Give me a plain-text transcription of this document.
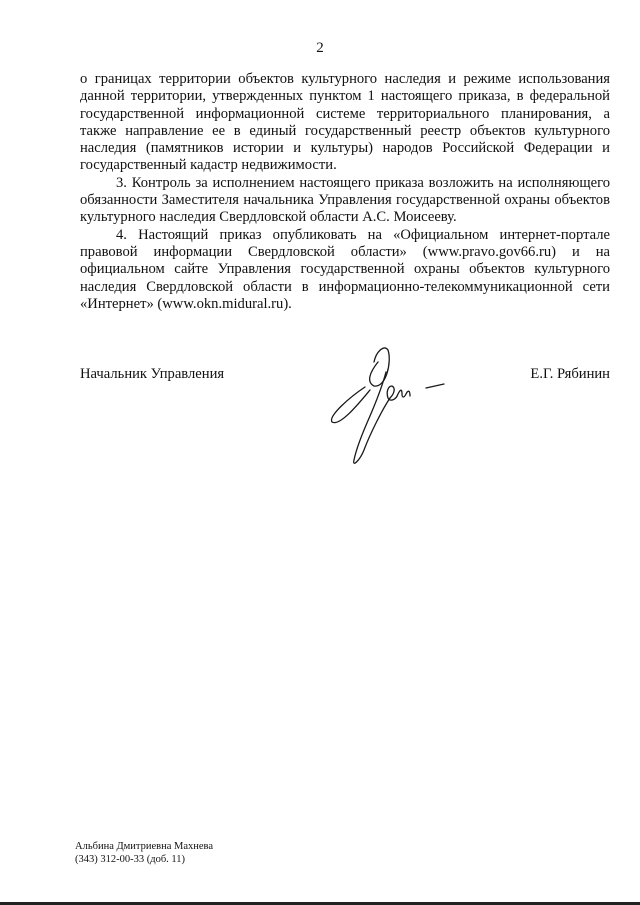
2

о границах территории объектов культурного наследия и режиме использования данной территории, утвержденных пунктом 1 настоящего приказа, в федеральной государственной информационной системе территориального планирования, а также направление ее в единый государственный реестр объектов культурного наследия (памятников истории и культуры) народов Российской Федерации и государственный кадастр недвижимости.

3. Контроль за исполнением настоящего приказа возложить на исполняющего обязанности Заместителя начальника Управления государственной охраны объектов культурного наследия Свердловской области А.С. Моисееву.

4. Настоящий приказ опубликовать на «Официальном интернет-портале правовой информации Свердловской области» (www.pravo.gov66.ru) и на официальном сайте Управления государственной охраны объектов культурного наследия Свердловской области в информационно-телекоммуникационной сети «Интернет» (www.okn.midural.ru).

Начальник Управления	Е.Г. Рябинин
Альбина Дмитриевна Махнева
(343) 312-00-33 (доб. 11)
